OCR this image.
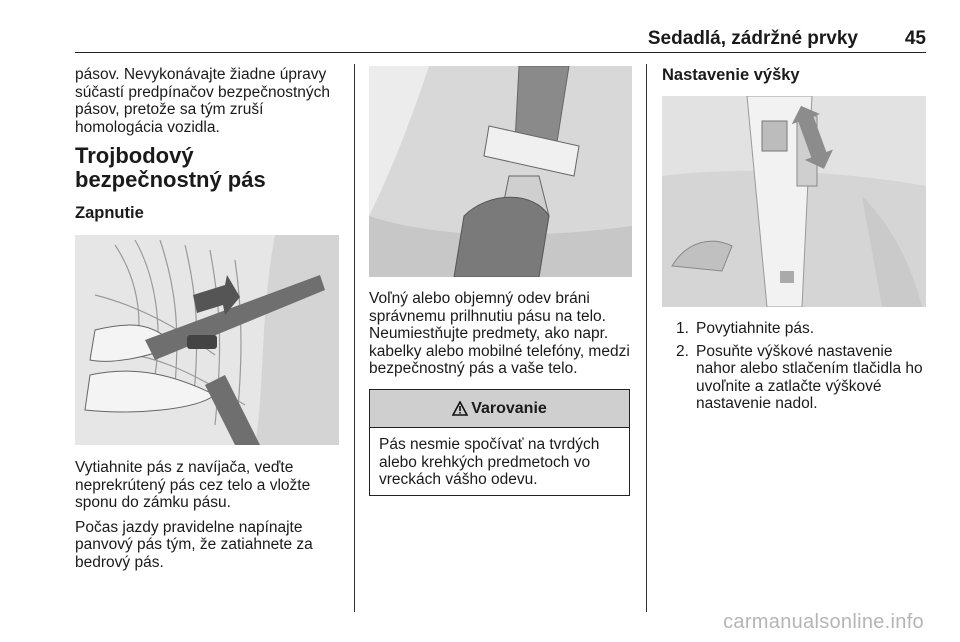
Sedadlá, zádržné prvky 45

pásov. Nevykonávajte žiadne úpravy súčastí predpínačov bezpečnostných pásov, pretože sa tým zruší homologácia vozidla.

Trojbodový bezpečnostný pás

Zapnutie

Vytiahnite pás z navíjača, veďte neprekrútený pás cez telo a vložte sponu do zámku pásu.

Počas jazdy pravidelne napínajte panvový pás tým, že zatiahnete za bedrový pás.

Voľný alebo objemný odev bráni správnemu prilhnutiu pásu na telo. Neumiestňujte predmety, ako napr. kabelky alebo mobilné telefóny, medzi bezpečnostný pás a vaše telo.

Varovanie
Pás nesmie spočívať na tvrdých alebo krehkých predmetoch vo vreckách vášho odevu.

Nastavenie výšky

1. Povytiahnite pás.
2. Posuňte výškové nastavenie nahor alebo stlačením tlačidla ho uvoľnite a zatlačte výškové nastavenie nadol.
carmanualsonline.info
